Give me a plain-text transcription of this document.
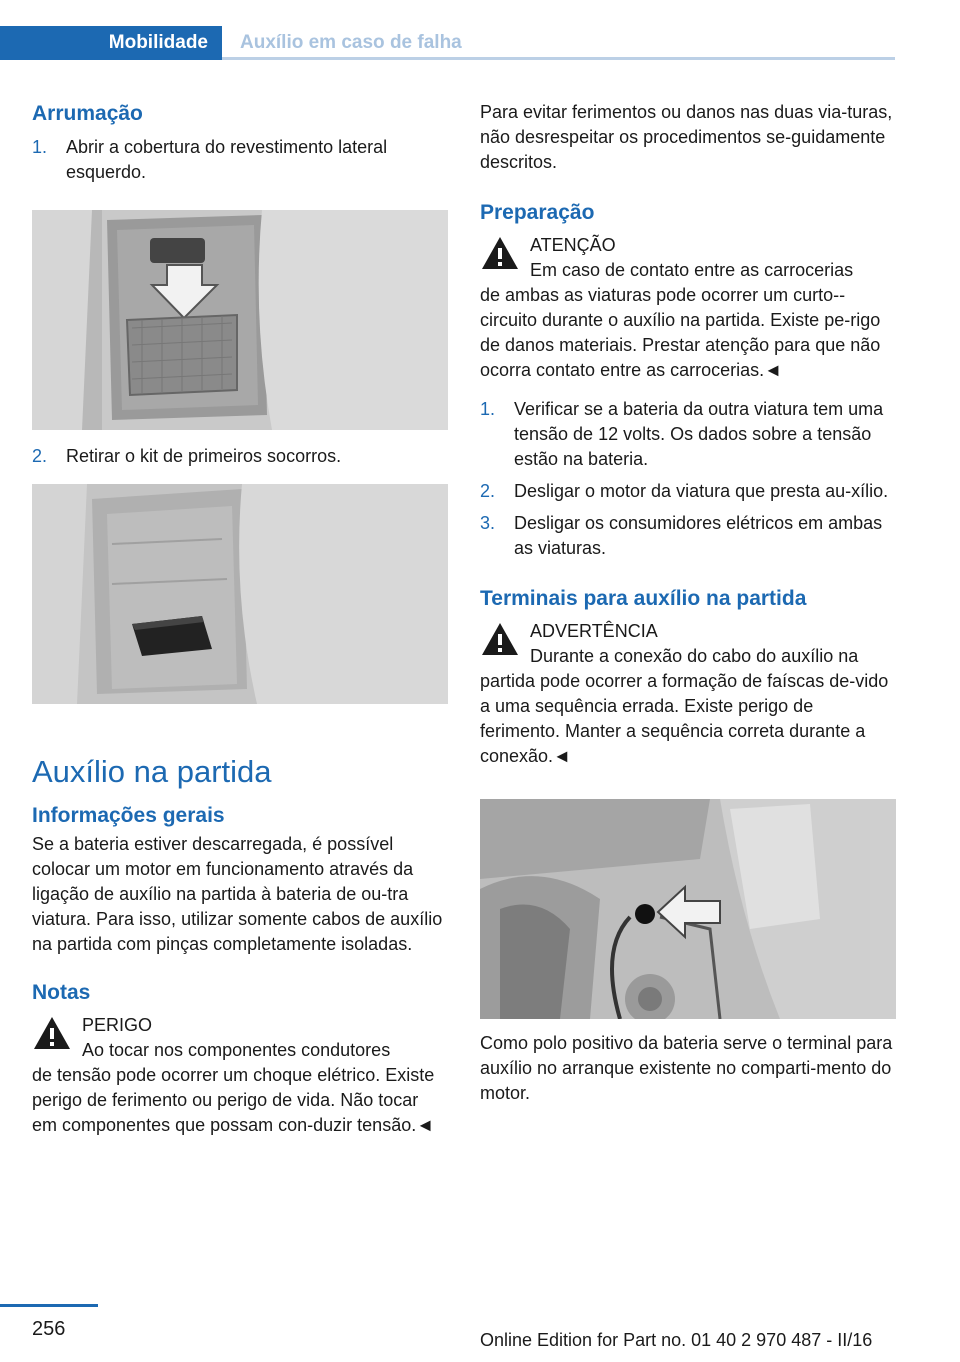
Mobilidade	Auxílio em caso de falha
Arrumação
1. Abrir a cobertura do revestimento lateral esquerdo.
2. Retirar o kit de primeiros socorros.
Auxílio na partida
Informações gerais

Se a bateria estiver descarregada, é possível colocar um motor em funcionamento através da ligação de auxílio na partida à bateria de ou‐tra viatura. Para isso, utilizar somente cabos de auxílio na partida com pinças completamente isoladas.

Notas
PERIGO
Ao tocar nos componentes condutores
de tensão pode ocorrer um choque elétrico. Existe perigo de ferimento ou perigo de vida. Não tocar em componentes que possam con‐duzir tensão.◄

Para evitar ferimentos ou danos nas duas via‐turas, não desrespeitar os procedimentos se‐guidamente descritos.

Preparação
ATENÇÃO
Em caso de contato entre as carrocerias
de ambas as viaturas pode ocorrer um curto‐-circuito durante o auxílio na partida. Existe pe‐rigo de danos materiais. Prestar atenção para que não ocorra contato entre as carrocerias.◄
1. Verificar se a bateria da outra viatura tem uma tensão de 12 volts. Os dados sobre a tensão estão na bateria.
2. Desligar o motor da viatura que presta au‐xílio.
3. Desligar os consumidores elétricos em ambas as viaturas.
Terminais para auxílio na partida
ADVERTÊNCIA
Durante a conexão do cabo do auxílio na
partida pode ocorrer a formação de faíscas de‐vido a uma sequência errada. Existe perigo de ferimento. Manter a sequência correta durante a conexão.◄

Como polo positivo da bateria serve o terminal para auxílio no arranque existente no comparti‐mento do motor.

256	Online Edition for Part no. 01 40 2 970 487 - II/16
